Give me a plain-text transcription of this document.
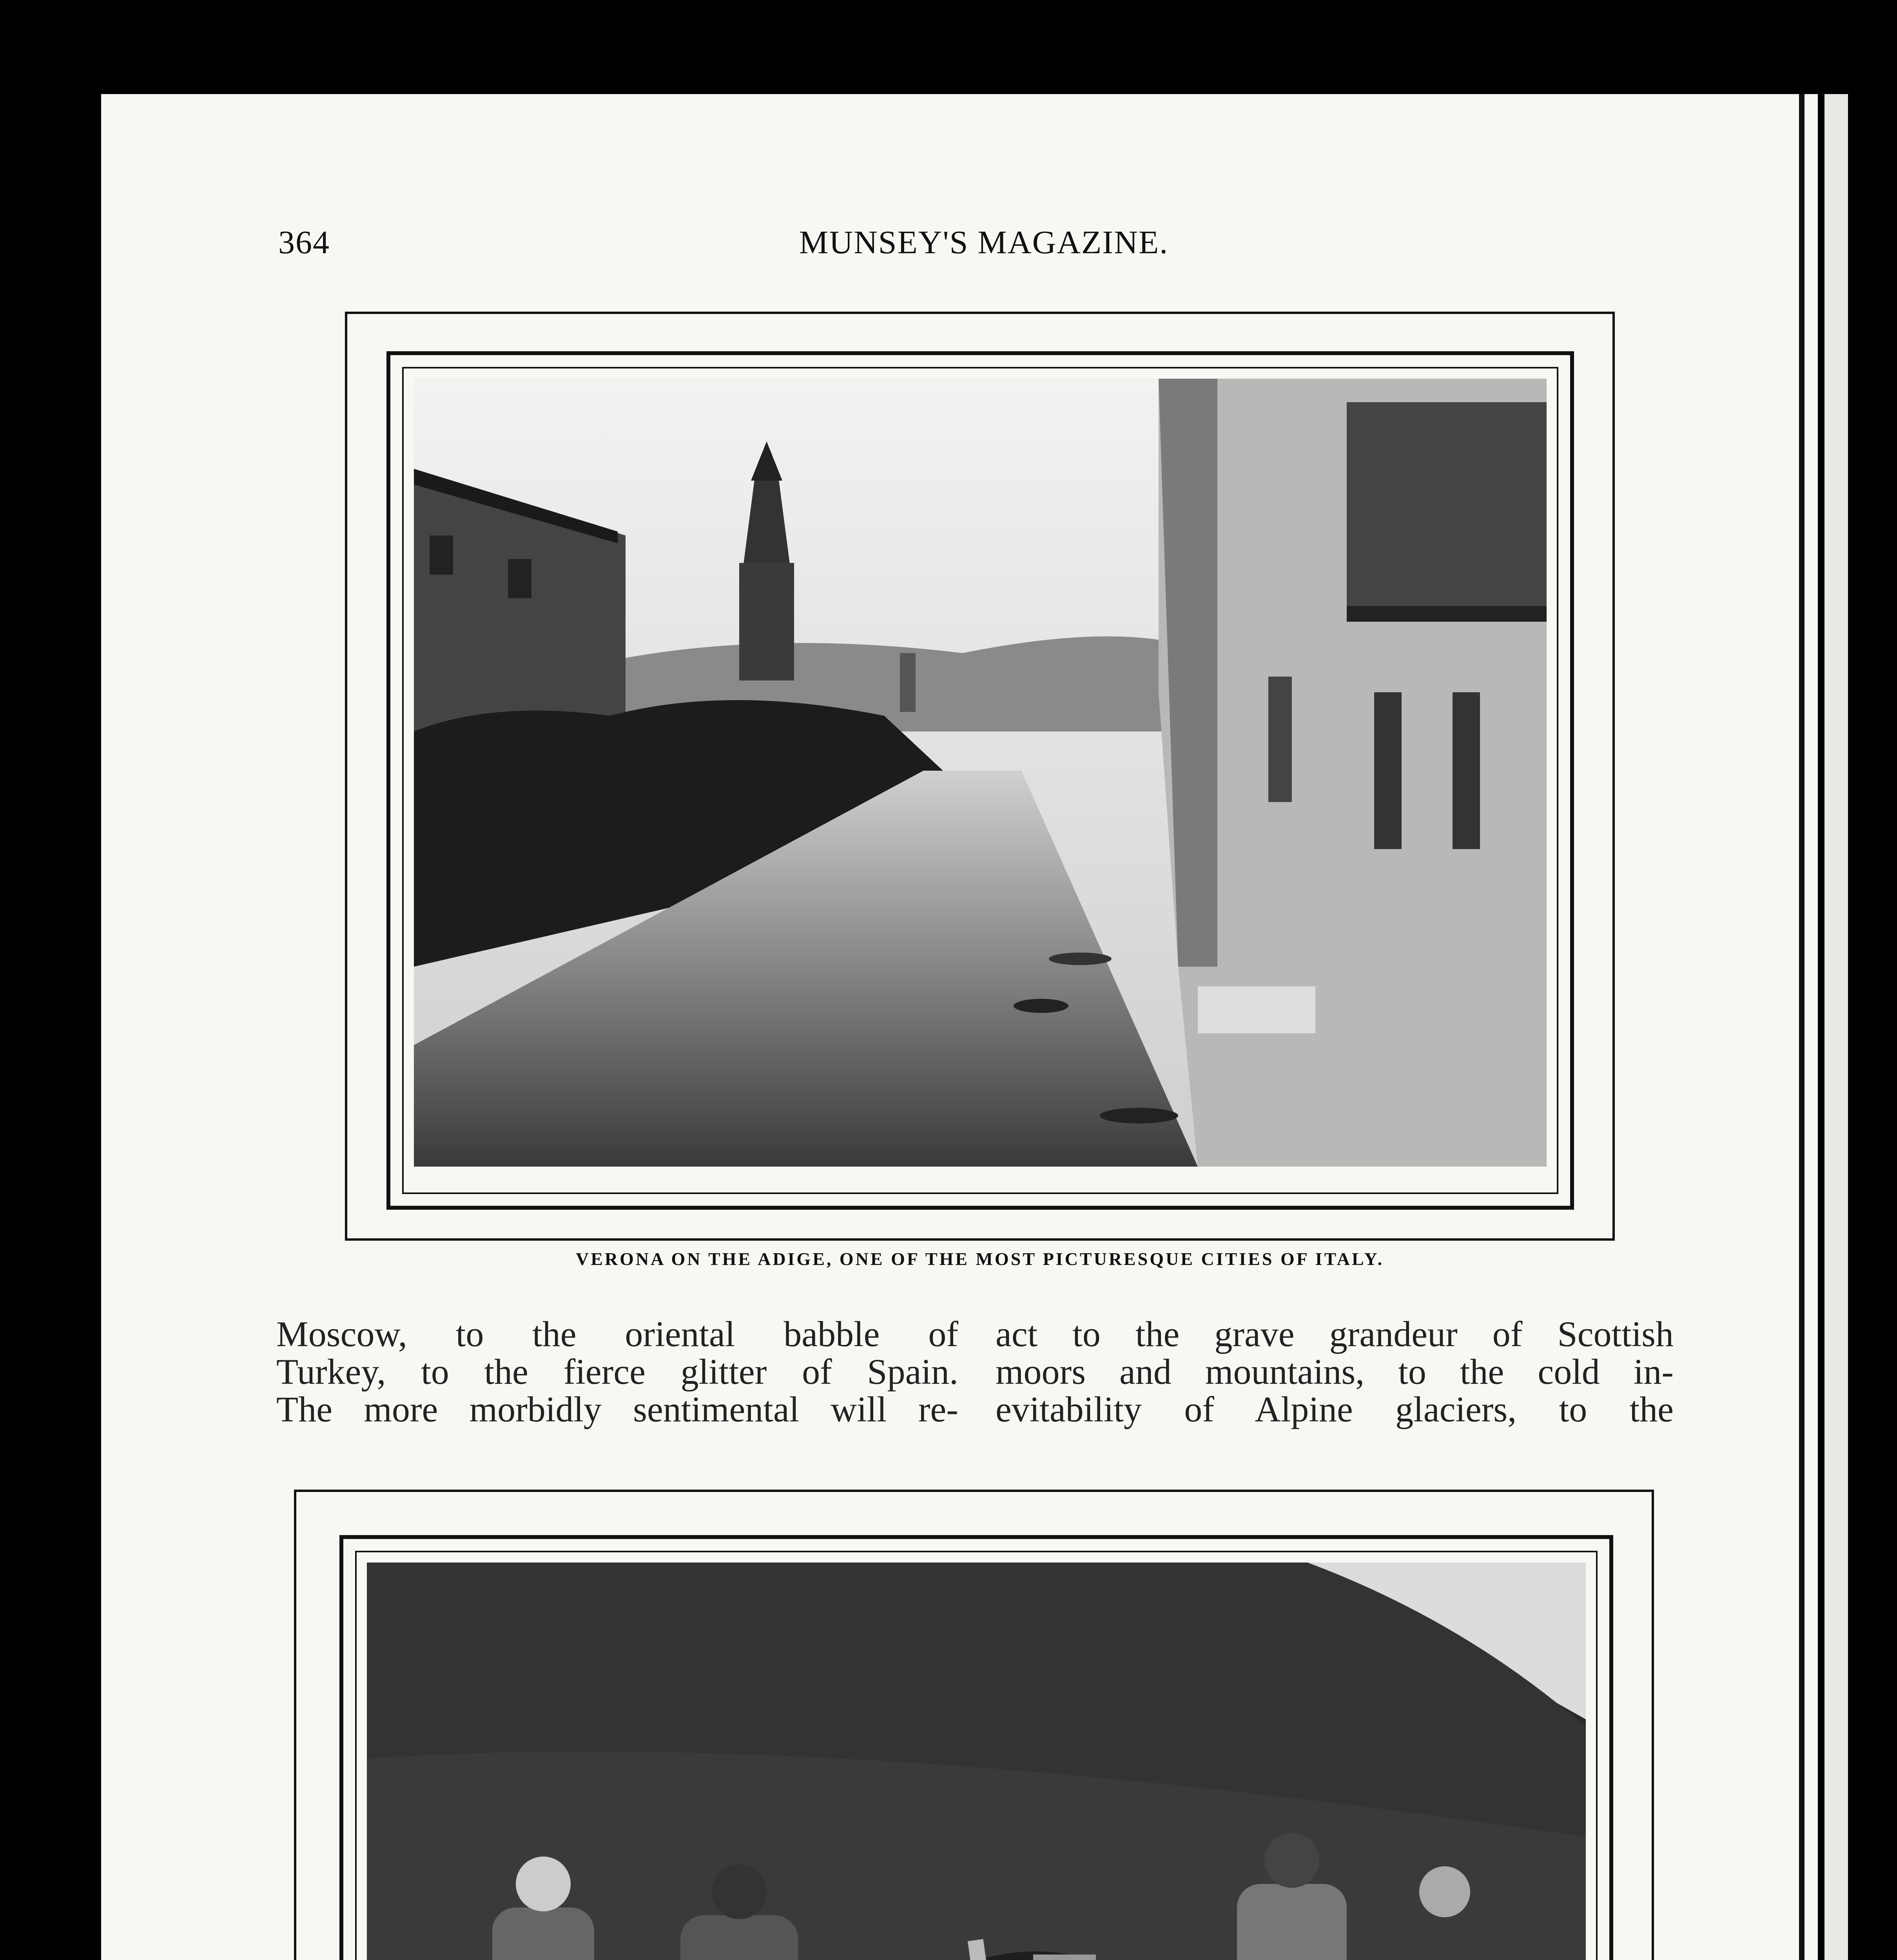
364	MUNSEY'S MAGAZINE.
VERONA ON THE ADIGE, ONE OF THE MOST PICTURESQUE CITIES OF ITALY.
Moscow, to the oriental babble of
Turkey, to the fierce glitter of Spain.
The more morbidly sentimental will re-
act to the grave grandeur of Scottish
moors and mountains, to the cold in-
evitability of Alpine glaciers, to the
